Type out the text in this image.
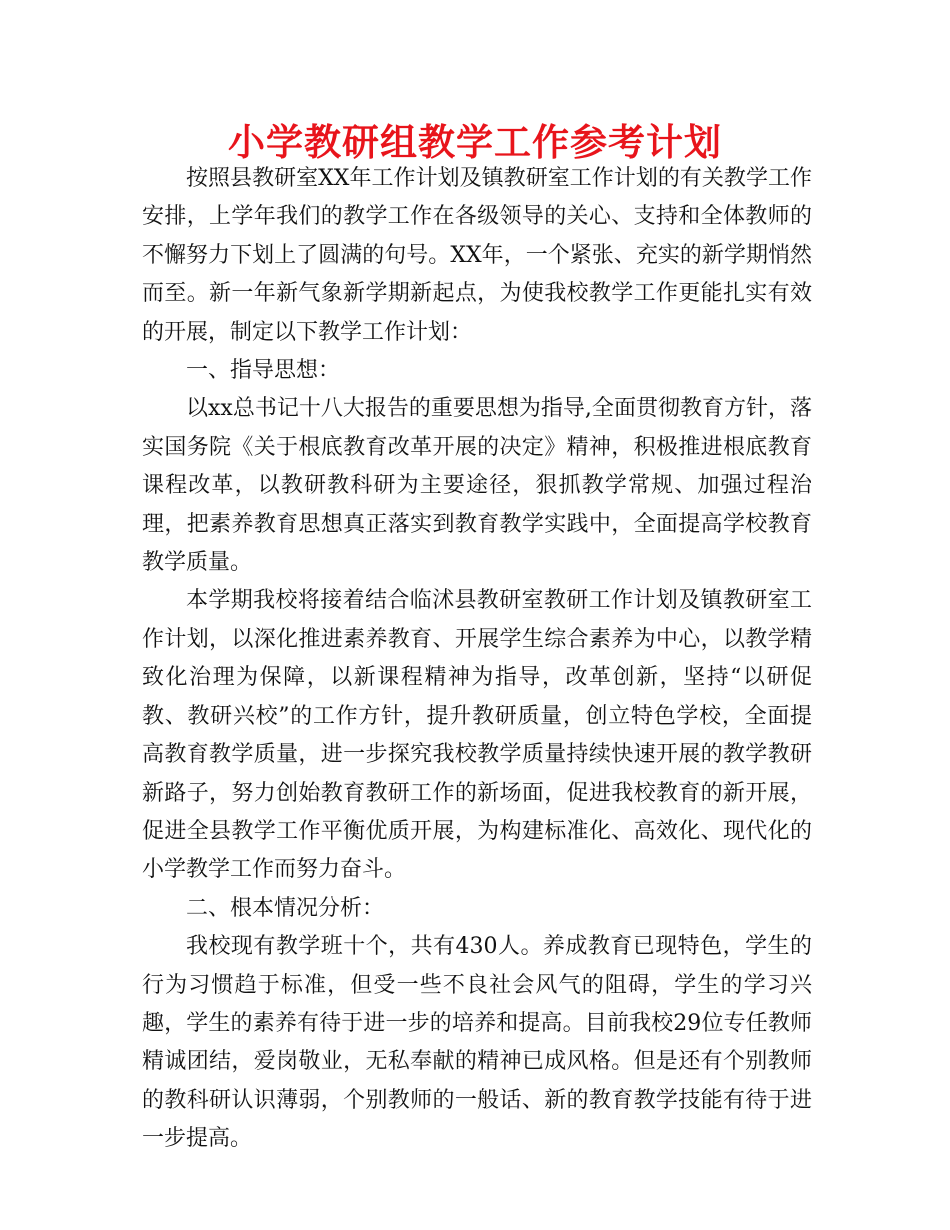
小学教研组教学工作参考计划

按照县教研室XX年工作计划及镇教研室工作计划的有关教学工作安排，上学年我们的教学工作在各级领导的关心、支持和全体教师的不懈努力下划上了圆满的句号。XX年，一个紧张、充实的新学期悄然而至。新一年新气象新学期新起点，为使我校教学工作更能扎实有效的开展，制定以下教学工作计划：

一、指导思想：

以xx总书记十八大报告的重要思想为指导,全面贯彻教育方针，落实国务院《关于根底教育改革开展的决定》精神，积极推进根底教育课程改革，以教研教科研为主要途径，狠抓教学常规、加强过程治理，把素养教育思想真正落实到教育教学实践中，全面提高学校教育教学质量。

本学期我校将接着结合临沭县教研室教研工作计划及镇教研室工作计划，以深化推进素养教育、开展学生综合素养为中心，以教学精致化治理为保障，以新课程精神为指导，改革创新，坚持“以研促教、教研兴校”的工作方针，提升教研质量，创立特色学校，全面提高教育教学质量，进一步探究我校教学质量持续快速开展的教学教研新路子，努力创始教育教研工作的新场面，促进我校教育的新开展，促进全县教学工作平衡优质开展，为构建标准化、高效化、现代化的小学教学工作而努力奋斗。

二、根本情况分析：

我校现有教学班十个，共有430人。养成教育已现特色，学生的行为习惯趋于标准，但受一些不良社会风气的阻碍，学生的学习兴趣，学生的素养有待于进一步的培养和提高。目前我校29位专任教师精诚团结，爱岗敬业，无私奉献的精神已成风格。但是还有个别教师的教科研认识薄弱，个别教师的一般话、新的教育教学技能有待于进一步提高。
